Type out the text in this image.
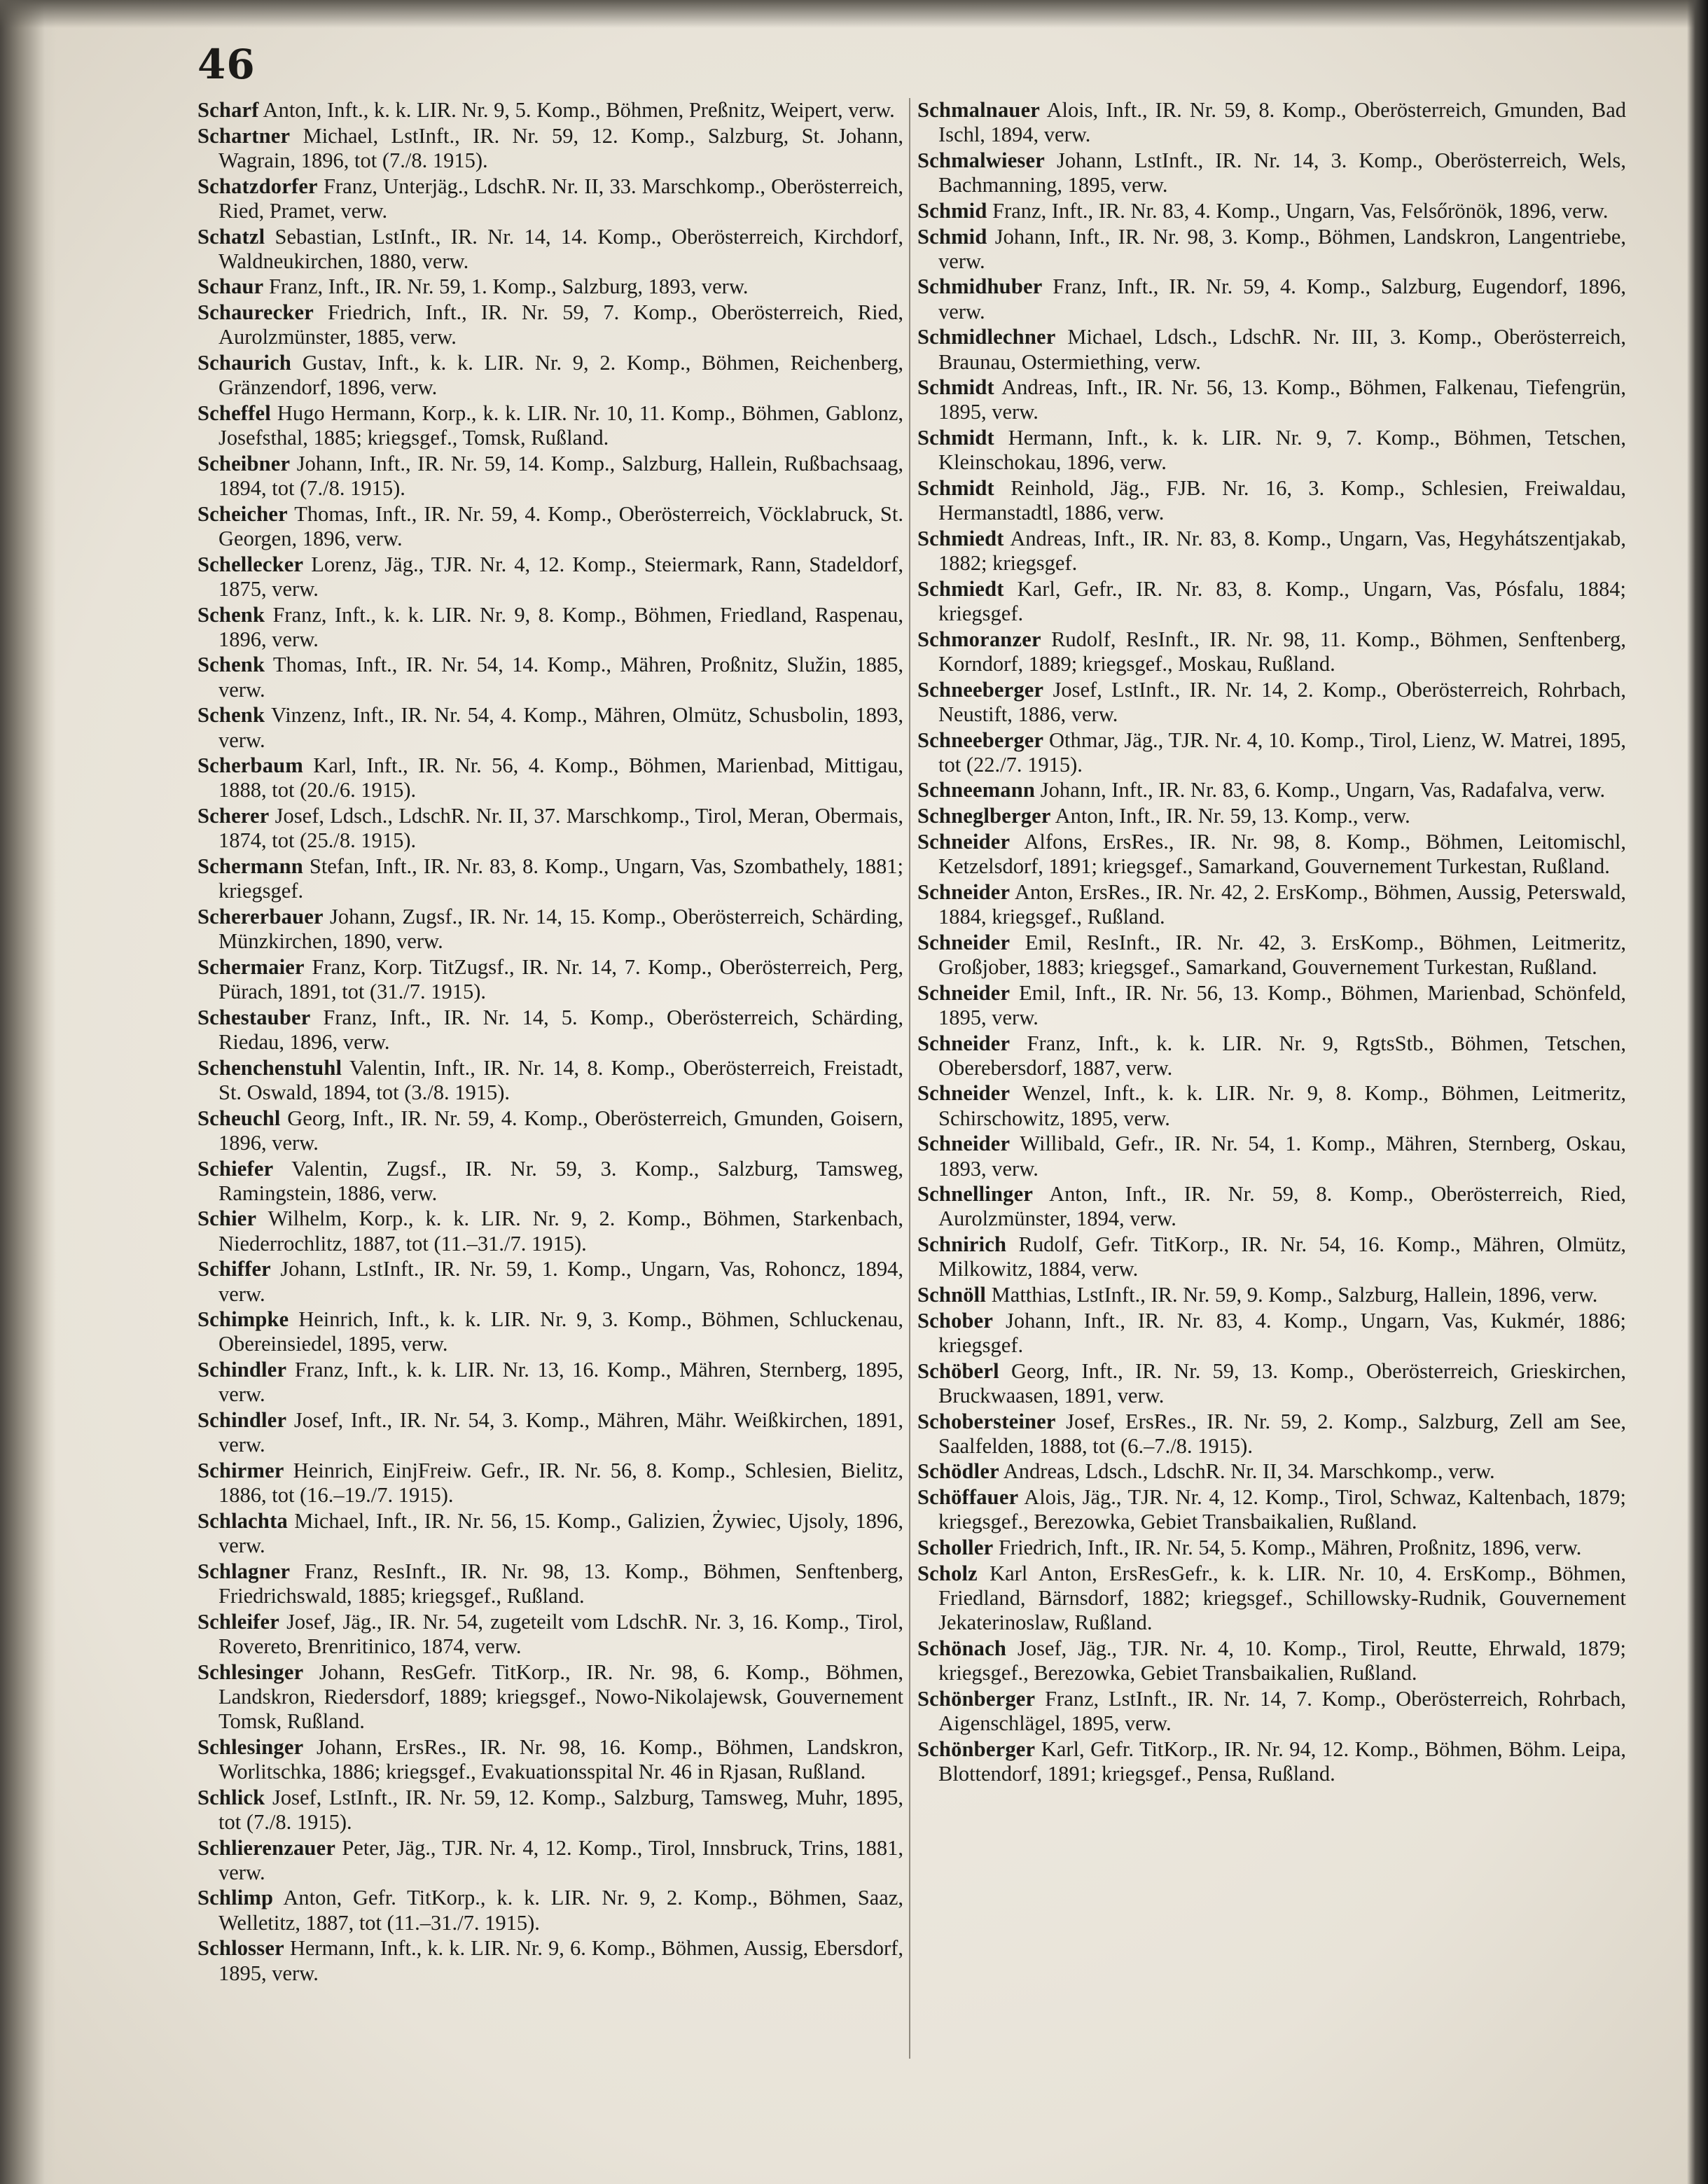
46

Scharf Anton, Inft., k. k. LIR. Nr. 9, 5. Komp., Böhmen, Preßnitz, Weipert, verw.

Schartner Michael, LstInft., IR. Nr. 59, 12. Komp., Salzburg, St. Johann, Wagrain, 1896, tot (7./8. 1915).

Schatzdorfer Franz, Unterjäg., LdschR. Nr. II, 33. Marschkomp., Oberösterreich, Ried, Pramet, verw.

Schatzl Sebastian, LstInft., IR. Nr. 14, 14. Komp., Oberösterreich, Kirchdorf, Waldneukirchen, 1880, verw.

Schaur Franz, Inft., IR. Nr. 59, 1. Komp., Salzburg, 1893, verw.

Schaurecker Friedrich, Inft., IR. Nr. 59, 7. Komp., Oberösterreich, Ried, Aurolzmünster, 1885, verw.

Schaurich Gustav, Inft., k. k. LIR. Nr. 9, 2. Komp., Böhmen, Reichenberg, Gränzendorf, 1896, verw.

Scheffel Hugo Hermann, Korp., k. k. LIR. Nr. 10, 11. Komp., Böhmen, Gablonz, Josefsthal, 1885; kriegsgef., Tomsk, Rußland.

Scheibner Johann, Inft., IR. Nr. 59, 14. Komp., Salzburg, Hallein, Rußbachsaag, 1894, tot (7./8. 1915).

Scheicher Thomas, Inft., IR. Nr. 59, 4. Komp., Oberösterreich, Vöcklabruck, St. Georgen, 1896, verw.

Schellecker Lorenz, Jäg., TJR. Nr. 4, 12. Komp., Steiermark, Rann, Stadeldorf, 1875, verw.

Schenk Franz, Inft., k. k. LIR. Nr. 9, 8. Komp., Böhmen, Friedland, Raspenau, 1896, verw.

Schenk Thomas, Inft., IR. Nr. 54, 14. Komp., Mähren, Proßnitz, Služin, 1885, verw.

Schenk Vinzenz, Inft., IR. Nr. 54, 4. Komp., Mähren, Olmütz, Schusbolin, 1893, verw.

Scherbaum Karl, Inft., IR. Nr. 56, 4. Komp., Böhmen, Marienbad, Mittigau, 1888, tot (20./6. 1915).

Scherer Josef, Ldsch., LdschR. Nr. II, 37. Marschkomp., Tirol, Meran, Obermais, 1874, tot (25./8. 1915).

Schermann Stefan, Inft., IR. Nr. 83, 8. Komp., Ungarn, Vas, Szombathely, 1881; kriegsgef.

Schererbauer Johann, Zugsf., IR. Nr. 14, 15. Komp., Oberösterreich, Schärding, Münzkirchen, 1890, verw.

Schermaier Franz, Korp. TitZugsf., IR. Nr. 14, 7. Komp., Oberösterreich, Perg, Pürach, 1891, tot (31./7. 1915).

Schestauber Franz, Inft., IR. Nr. 14, 5. Komp., Oberösterreich, Schärding, Riedau, 1896, verw.

Schenchenstuhl Valentin, Inft., IR. Nr. 14, 8. Komp., Oberösterreich, Freistadt, St. Oswald, 1894, tot (3./8. 1915).

Scheuchl Georg, Inft., IR. Nr. 59, 4. Komp., Oberösterreich, Gmunden, Goisern, 1896, verw.

Schiefer Valentin, Zugsf., IR. Nr. 59, 3. Komp., Salzburg, Tamsweg, Ramingstein, 1886, verw.

Schier Wilhelm, Korp., k. k. LIR. Nr. 9, 2. Komp., Böhmen, Starkenbach, Niederrochlitz, 1887, tot (11.–31./7. 1915).

Schiffer Johann, LstInft., IR. Nr. 59, 1. Komp., Ungarn, Vas, Rohoncz, 1894, verw.

Schimpke Heinrich, Inft., k. k. LIR. Nr. 9, 3. Komp., Böhmen, Schluckenau, Obereinsiedel, 1895, verw.

Schindler Franz, Inft., k. k. LIR. Nr. 13, 16. Komp., Mähren, Sternberg, 1895, verw.

Schindler Josef, Inft., IR. Nr. 54, 3. Komp., Mähren, Mähr. Weißkirchen, 1891, verw.

Schirmer Heinrich, EinjFreiw. Gefr., IR. Nr. 56, 8. Komp., Schlesien, Bielitz, 1886, tot (16.–19./7. 1915).

Schlachta Michael, Inft., IR. Nr. 56, 15. Komp., Galizien, Żywiec, Ujsoly, 1896, verw.

Schlagner Franz, ResInft., IR. Nr. 98, 13. Komp., Böhmen, Senftenberg, Friedrichswald, 1885; kriegsgef., Rußland.

Schleifer Josef, Jäg., IR. Nr. 54, zugeteilt vom LdschR. Nr. 3, 16. Komp., Tirol, Rovereto, Brenritinico, 1874, verw.

Schlesinger Johann, ResGefr. TitKorp., IR. Nr. 98, 6. Komp., Böhmen, Landskron, Riedersdorf, 1889; kriegsgef., Nowo-Nikolajewsk, Gouvernement Tomsk, Rußland.

Schlesinger Johann, ErsRes., IR. Nr. 98, 16. Komp., Böhmen, Landskron, Worlitschka, 1886; kriegsgef., Evakuationsspital Nr. 46 in Rjasan, Rußland.

Schlick Josef, LstInft., IR. Nr. 59, 12. Komp., Salzburg, Tamsweg, Muhr, 1895, tot (7./8. 1915).

Schlierenzauer Peter, Jäg., TJR. Nr. 4, 12. Komp., Tirol, Innsbruck, Trins, 1881, verw.

Schlimp Anton, Gefr. TitKorp., k. k. LIR. Nr. 9, 2. Komp., Böhmen, Saaz, Welletitz, 1887, tot (11.–31./7. 1915).

Schlosser Hermann, Inft., k. k. LIR. Nr. 9, 6. Komp., Böhmen, Aussig, Ebersdorf, 1895, verw.

Schmalnauer Alois, Inft., IR. Nr. 59, 8. Komp., Oberösterreich, Gmunden, Bad Ischl, 1894, verw.

Schmalwieser Johann, LstInft., IR. Nr. 14, 3. Komp., Oberösterreich, Wels, Bachmanning, 1895, verw.

Schmid Franz, Inft., IR. Nr. 83, 4. Komp., Ungarn, Vas, Felsőrönök, 1896, verw.

Schmid Johann, Inft., IR. Nr. 98, 3. Komp., Böhmen, Landskron, Langentriebe, verw.

Schmidhuber Franz, Inft., IR. Nr. 59, 4. Komp., Salzburg, Eugendorf, 1896, verw.

Schmidlechner Michael, Ldsch., LdschR. Nr. III, 3. Komp., Oberösterreich, Braunau, Ostermiething, verw.

Schmidt Andreas, Inft., IR. Nr. 56, 13. Komp., Böhmen, Falkenau, Tiefengrün, 1895, verw.

Schmidt Hermann, Inft., k. k. LIR. Nr. 9, 7. Komp., Böhmen, Tetschen, Kleinschokau, 1896, verw.

Schmidt Reinhold, Jäg., FJB. Nr. 16, 3. Komp., Schlesien, Freiwaldau, Hermanstadtl, 1886, verw.

Schmiedt Andreas, Inft., IR. Nr. 83, 8. Komp., Ungarn, Vas, Hegyhátszentjakab, 1882; kriegsgef.

Schmiedt Karl, Gefr., IR. Nr. 83, 8. Komp., Ungarn, Vas, Pósfalu, 1884; kriegsgef.

Schmoranzer Rudolf, ResInft., IR. Nr. 98, 11. Komp., Böhmen, Senftenberg, Korndorf, 1889; kriegsgef., Moskau, Rußland.

Schneeberger Josef, LstInft., IR. Nr. 14, 2. Komp., Oberösterreich, Rohrbach, Neustift, 1886, verw.

Schneeberger Othmar, Jäg., TJR. Nr. 4, 10. Komp., Tirol, Lienz, W. Matrei, 1895, tot (22./7. 1915).

Schneemann Johann, Inft., IR. Nr. 83, 6. Komp., Ungarn, Vas, Radafalva, verw.

Schneglberger Anton, Inft., IR. Nr. 59, 13. Komp., verw.

Schneider Alfons, ErsRes., IR. Nr. 98, 8. Komp., Böhmen, Leitomischl, Ketzelsdorf, 1891; kriegsgef., Samarkand, Gouvernement Turkestan, Rußland.

Schneider Anton, ErsRes., IR. Nr. 42, 2. ErsKomp., Böhmen, Aussig, Peterswald, 1884, kriegsgef., Rußland.

Schneider Emil, ResInft., IR. Nr. 42, 3. ErsKomp., Böhmen, Leitmeritz, Großjober, 1883; kriegsgef., Samarkand, Gouvernement Turkestan, Rußland.

Schneider Emil, Inft., IR. Nr. 56, 13. Komp., Böhmen, Marienbad, Schönfeld, 1895, verw.

Schneider Franz, Inft., k. k. LIR. Nr. 9, RgtsStb., Böhmen, Tetschen, Oberebersdorf, 1887, verw.

Schneider Wenzel, Inft., k. k. LIR. Nr. 9, 8. Komp., Böhmen, Leitmeritz, Schirschowitz, 1895, verw.

Schneider Willibald, Gefr., IR. Nr. 54, 1. Komp., Mähren, Sternberg, Oskau, 1893, verw.

Schnellinger Anton, Inft., IR. Nr. 59, 8. Komp., Oberösterreich, Ried, Aurolzmünster, 1894, verw.

Schnirich Rudolf, Gefr. TitKorp., IR. Nr. 54, 16. Komp., Mähren, Olmütz, Milkowitz, 1884, verw.

Schnöll Matthias, LstInft., IR. Nr. 59, 9. Komp., Salzburg, Hallein, 1896, verw.

Schober Johann, Inft., IR. Nr. 83, 4. Komp., Ungarn, Vas, Kukmér, 1886; kriegsgef.

Schöberl Georg, Inft., IR. Nr. 59, 13. Komp., Oberösterreich, Grieskirchen, Bruckwaasen, 1891, verw.

Schobersteiner Josef, ErsRes., IR. Nr. 59, 2. Komp., Salzburg, Zell am See, Saalfelden, 1888, tot (6.–7./8. 1915).

Schödler Andreas, Ldsch., LdschR. Nr. II, 34. Marschkomp., verw.

Schöffauer Alois, Jäg., TJR. Nr. 4, 12. Komp., Tirol, Schwaz, Kaltenbach, 1879; kriegsgef., Berezowka, Gebiet Transbaikalien, Rußland.

Scholler Friedrich, Inft., IR. Nr. 54, 5. Komp., Mähren, Proßnitz, 1896, verw.

Scholz Karl Anton, ErsResGefr., k. k. LIR. Nr. 10, 4. ErsKomp., Böhmen, Friedland, Bärnsdorf, 1882; kriegsgef., Schillowsky-Rudnik, Gouvernement Jekaterinoslaw, Rußland.

Schönach Josef, Jäg., TJR. Nr. 4, 10. Komp., Tirol, Reutte, Ehrwald, 1879; kriegsgef., Berezowka, Gebiet Transbaikalien, Rußland.

Schönberger Franz, LstInft., IR. Nr. 14, 7. Komp., Oberösterreich, Rohrbach, Aigenschlägel, 1895, verw.

Schönberger Karl, Gefr. TitKorp., IR. Nr. 94, 12. Komp., Böhmen, Böhm. Leipa, Blottendorf, 1891; kriegsgef., Pensa, Rußland.
